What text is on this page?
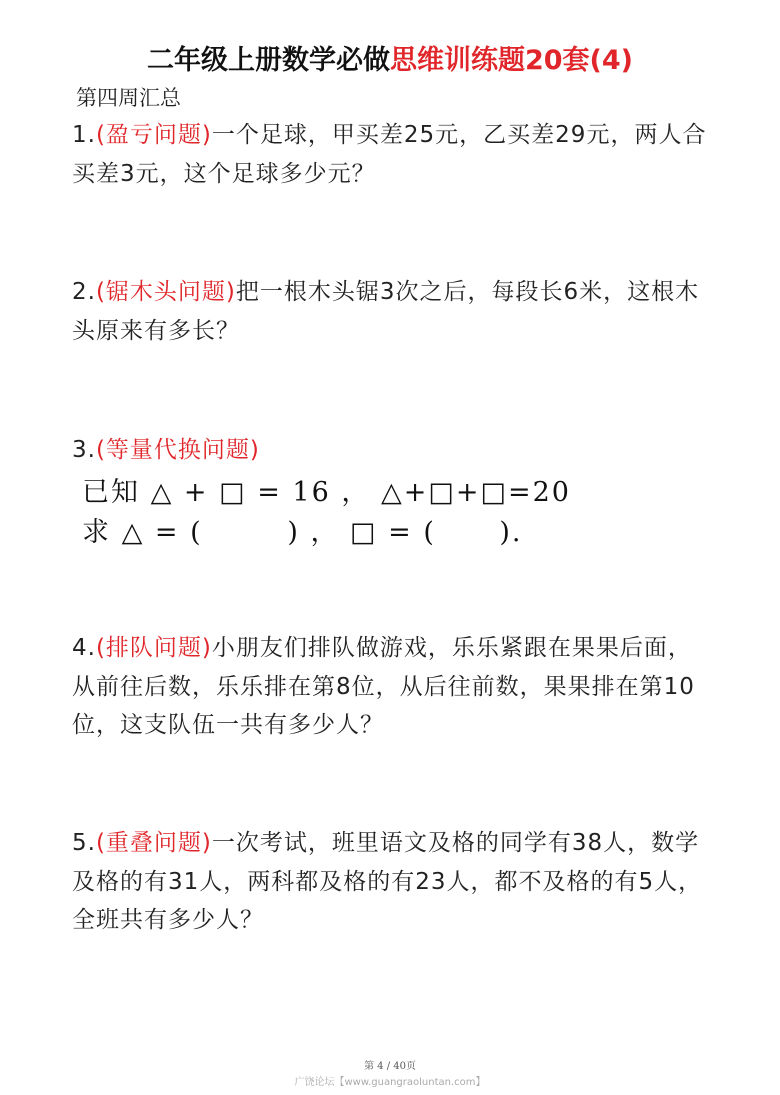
二年级上册数学必做思维训练题20套(4)
第四周汇总
1.(盈亏问题)一个足球，甲买差25元，乙买差29元，两人合买差3元，这个足球多少元？
2.(锯木头问题)把一根木头锯3次之后，每段长6米，这根木头原来有多长？
3.(等量代换问题)
已知 △ + □ = 16 ， △+□+□=20
求 △ = (        ) ， □ = (      ).
4.(排队问题)小朋友们排队做游戏，乐乐紧跟在果果后面，从前往后数，乐乐排在第8位，从后往前数，果果排在第10位，这支队伍一共有多少人？
5.(重叠问题)一次考试，班里语文及格的同学有38人，数学及格的有31人，两科都及格的有23人，都不及格的有5人，全班共有多少人？
第 4 / 40页
广饶论坛【www.guangraoluntan.com】
